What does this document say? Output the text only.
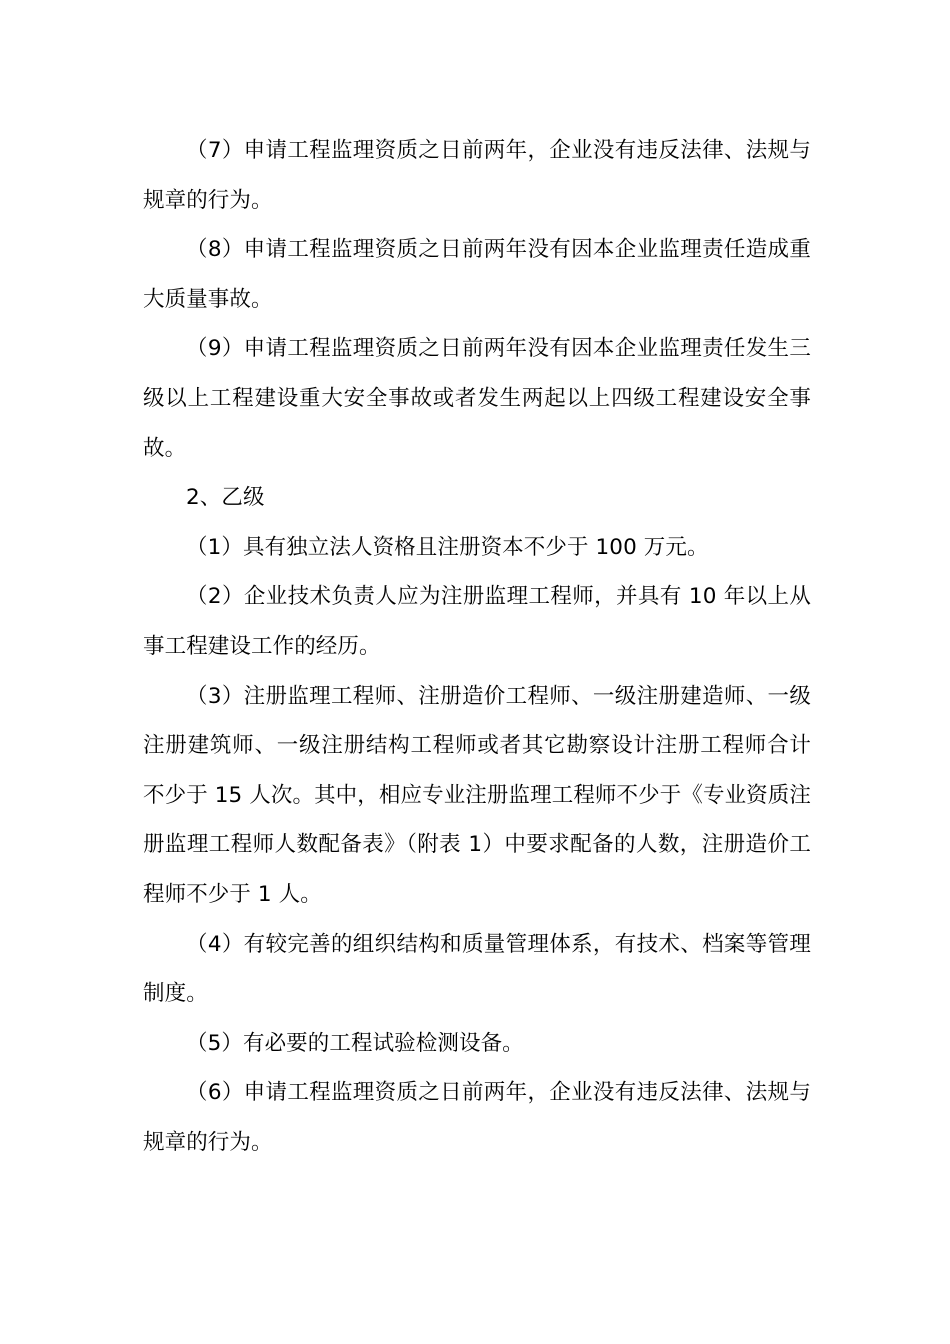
（7）申请工程监理资质之日前两年，企业没有违反法律、法规与规章的行为。

（8）申请工程监理资质之日前两年没有因本企业监理责任造成重大质量事故。

（9）申请工程监理资质之日前两年没有因本企业监理责任发生三级以上工程建设重大安全事故或者发生两起以上四级工程建设安全事故。

2、乙级

（1）具有独立法人资格且注册资本不少于 100 万元。

（2）企业技术负责人应为注册监理工程师，并具有 10 年以上从事工程建设工作的经历。

（3）注册监理工程师、注册造价工程师、一级注册建造师、一级注册建筑师、一级注册结构工程师或者其它勘察设计注册工程师合计不少于 15 人次。其中，相应专业注册监理工程师不少于《专业资质注册监理工程师人数配备表》（附表 1）中要求配备的人数，注册造价工程师不少于 1 人。

（4）有较完善的组织结构和质量管理体系，有技术、档案等管理制度。

（5）有必要的工程试验检测设备。

（6）申请工程监理资质之日前两年，企业没有违反法律、法规与规章的行为。
